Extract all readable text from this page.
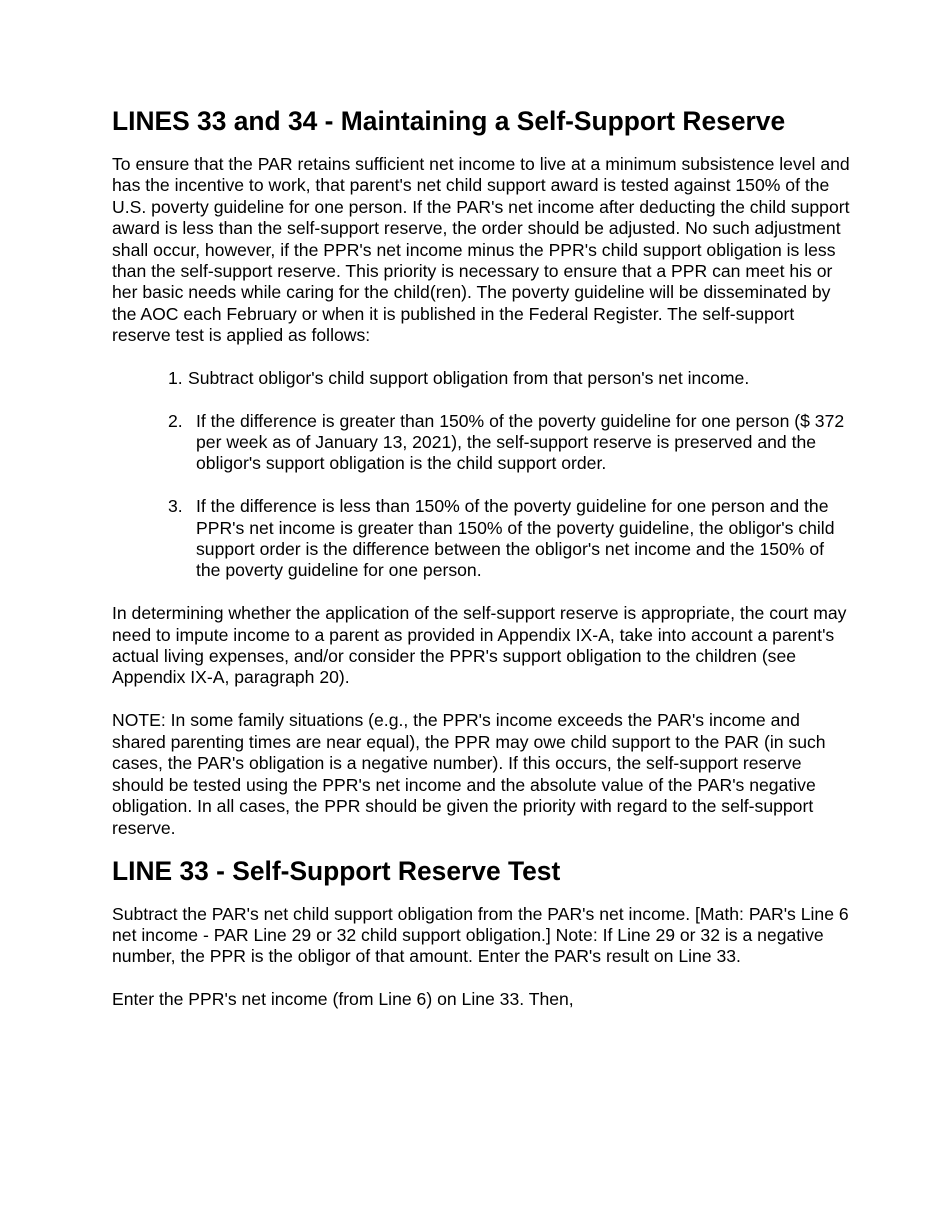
LINES 33 and 34 - Maintaining a Self-Support Reserve

To ensure that the PAR retains sufficient net income to live at a minimum subsistence level and has the incentive to work, that parent's net child support award is tested against 150% of the U.S. poverty guideline for one person. If the PAR's net income after deducting the child support award is less than the self-support reserve, the order should be adjusted. No such adjustment shall occur, however, if the PPR's net income minus the PPR's child support obligation is less than the self-support reserve. This priority is necessary to ensure that a PPR can meet his or her basic needs while caring for the child(ren). The poverty guideline will be disseminated by the AOC each February or when it is published in the Federal Register. The self-support reserve test is applied as follows:

1. Subtract obligor's child support obligation from that person's net income.
2. If the difference is greater than 150% of the poverty guideline for one person ($ 372 per week as of January 13, 2021), the self-support reserve is preserved and the obligor's support obligation is the child support order.
3. If the difference is less than 150% of the poverty guideline for one person and the PPR's net income is greater than 150% of the poverty guideline, the obligor's child support order is the difference between the obligor's net income and the 150% of the poverty guideline for one person.

In determining whether the application of the self-support reserve is appropriate, the court may need to impute income to a parent as provided in Appendix IX-A, take into account a parent's actual living expenses, and/or consider the PPR's support obligation to the children (see Appendix IX-A, paragraph 20).

NOTE: In some family situations (e.g., the PPR's income exceeds the PAR's income and shared parenting times are near equal), the PPR may owe child support to the PAR (in such cases, the PAR's obligation is a negative number). If this occurs, the self-support reserve should be tested using the PPR's net income and the absolute value of the PAR's negative obligation. In all cases, the PPR should be given the priority with regard to the self-support reserve.

LINE 33 - Self-Support Reserve Test

Subtract the PAR's net child support obligation from the PAR's net income. [Math: PAR's Line 6 net income - PAR Line 29 or 32 child support obligation.] Note: If Line 29 or 32 is a negative number, the PPR is the obligor of that amount. Enter the PAR's result on Line 33.

Enter the PPR's net income (from Line 6) on Line 33. Then,
